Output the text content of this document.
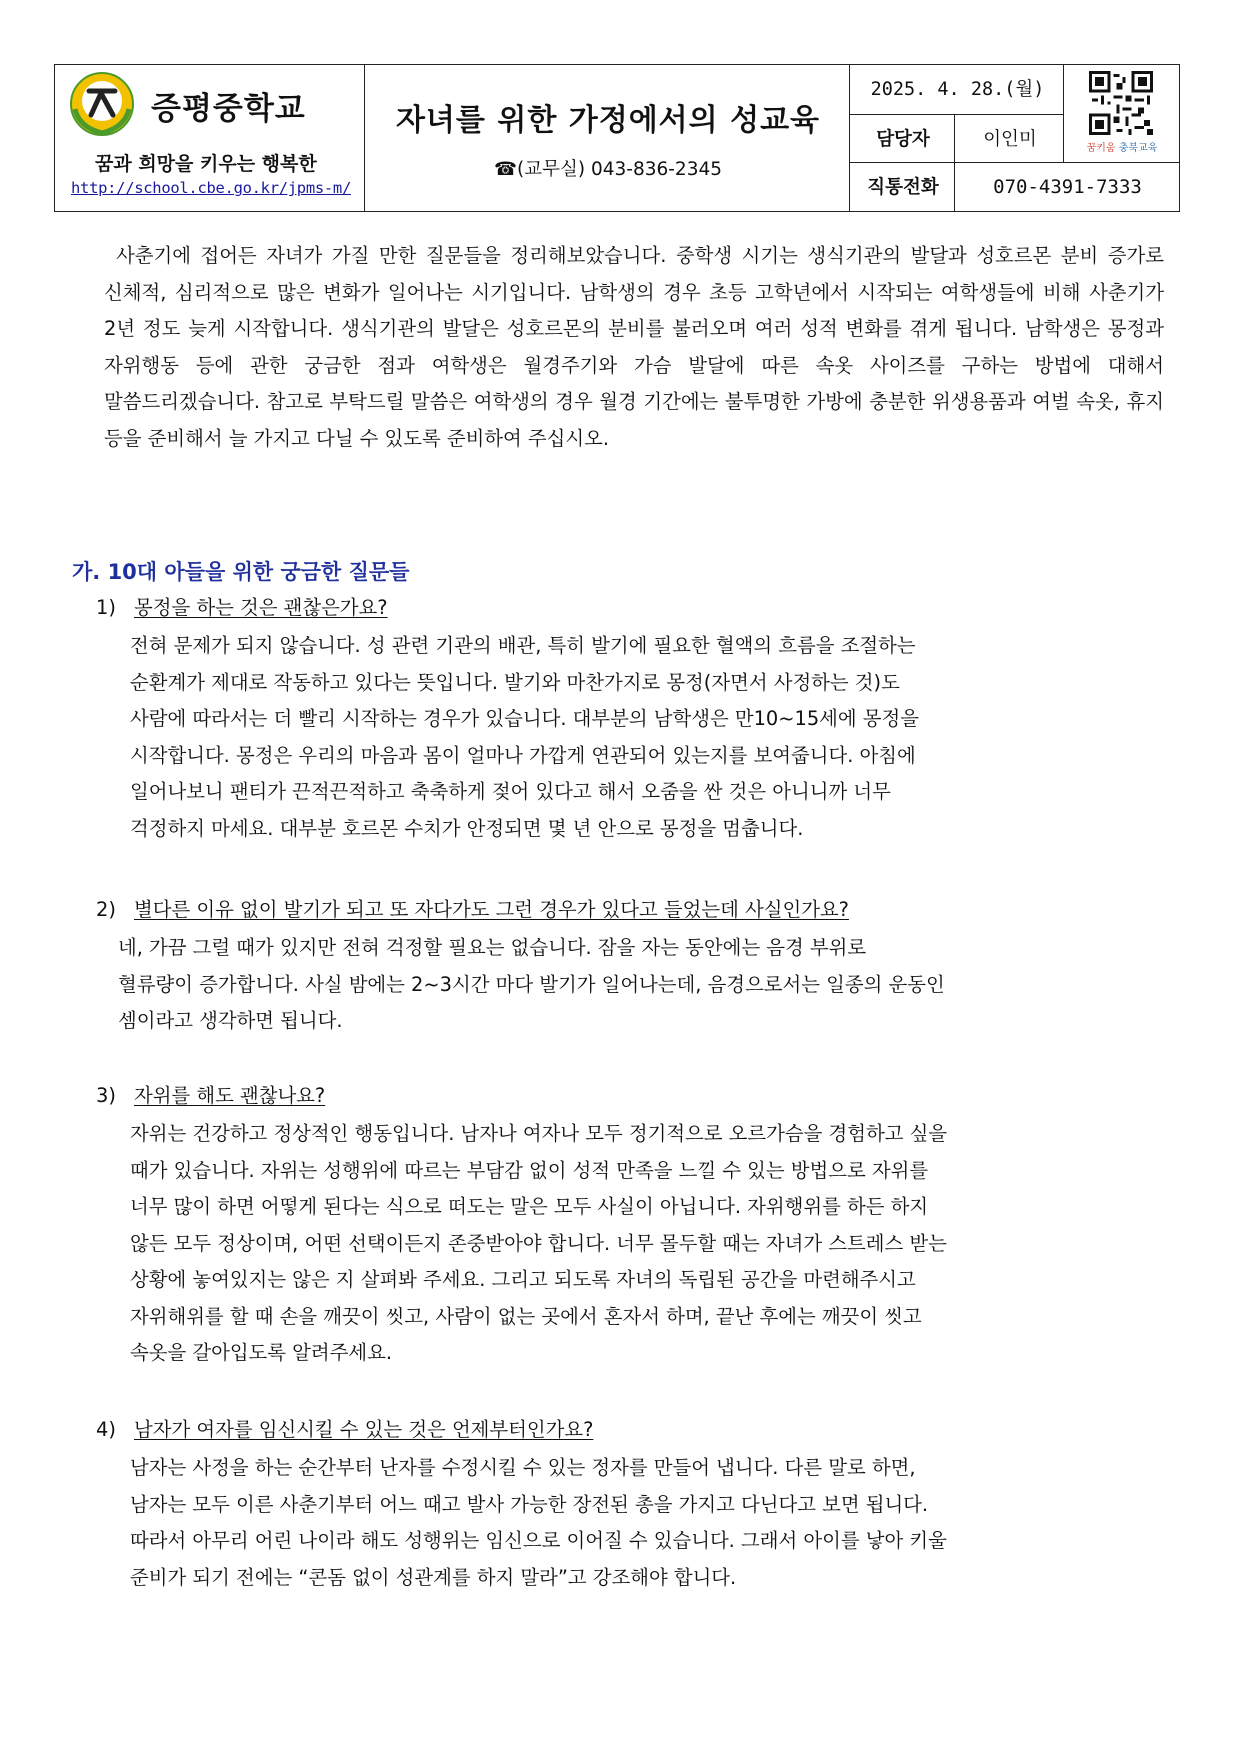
증평중학교
꿈과 희망을 키우는 행복한
http://school.cbe.go.kr/jpms-m/
자녀를 위한 가정에서의 성교육
☎(교무실) 043-836-2345
2025. 4. 28.(월)
담당자	이인미
직통전화	070-4391-7333
꿈키움 충북교육
사춘기에 접어든 자녀가 가질 만한 질문들을 정리해보았습니다. 중학생 시기는 생식기관의 발달과 성호르몬 분비 증가로 신체적, 심리적으로 많은 변화가 일어나는 시기입니다. 남학생의 경우 초등 고학년에서 시작되는 여학생들에 비해 사춘기가 2년 정도 늦게 시작합니다. 생식기관의 발달은 성호르몬의 분비를 불러오며 여러 성적 변화를 겪게 됩니다. 남학생은 몽정과 자위행동 등에 관한 궁금한 점과 여학생은 월경주기와 가슴 발달에 따른 속옷 사이즈를 구하는 방법에 대해서 말씀드리겠습니다. 참고로 부탁드릴 말씀은 여학생의 경우 월경 기간에는 불투명한 가방에 충분한 위생용품과 여벌 속옷, 휴지 등을 준비해서 늘 가지고 다닐 수 있도록 준비하여 주십시오.
가. 10대 아들을 위한 궁금한 질문들
1) 몽정을 하는 것은 괜찮은가요?
전혀 문제가 되지 않습니다. 성 관련 기관의 배관, 특히 발기에 필요한 혈액의 흐름을 조절하는
순환계가 제대로 작동하고 있다는 뜻입니다. 발기와 마찬가지로 몽정(자면서 사정하는 것)도
사람에 따라서는 더 빨리 시작하는 경우가 있습니다. 대부분의 남학생은 만10~15세에 몽정을
시작합니다. 몽정은 우리의 마음과 몸이 얼마나 가깝게 연관되어 있는지를 보여줍니다. 아침에
일어나보니 팬티가 끈적끈적하고 축축하게 젖어 있다고 해서 오줌을 싼 것은 아니니까 너무
걱정하지 마세요. 대부분 호르몬 수치가 안정되면 몇 년 안으로 몽정을 멈춥니다.
2) 별다른 이유 없이 발기가 되고 또 자다가도 그런 경우가 있다고 들었는데 사실인가요?
네, 가끔 그럴 때가 있지만 전혀 걱정할 필요는 없습니다. 잠을 자는 동안에는 음경 부위로
혈류량이 증가합니다. 사실 밤에는 2~3시간 마다 발기가 일어나는데, 음경으로서는 일종의 운동인
셈이라고 생각하면 됩니다.
3) 자위를 해도 괜찮나요?
자위는 건강하고 정상적인 행동입니다. 남자나 여자나 모두 정기적으로 오르가슴을 경험하고 싶을
때가 있습니다. 자위는 성행위에 따르는 부담감 없이 성적 만족을 느낄 수 있는 방법으로 자위를
너무 많이 하면 어떻게 된다는 식으로 떠도는 말은 모두 사실이 아닙니다. 자위행위를 하든 하지
않든 모두 정상이며, 어떤 선택이든지 존중받아야 합니다. 너무 몰두할 때는 자녀가 스트레스 받는
상황에 놓여있지는 않은 지 살펴봐 주세요. 그리고 되도록 자녀의 독립된 공간을 마련해주시고
자위해위를 할 때 손을 깨끗이 씻고, 사람이 없는 곳에서 혼자서 하며, 끝난 후에는 깨끗이 씻고
속옷을 갈아입도록 알려주세요.
4) 남자가 여자를 임신시킬 수 있는 것은 언제부터인가요?
남자는 사정을 하는 순간부터 난자를 수정시킬 수 있는 정자를 만들어 냅니다. 다른 말로 하면,
남자는 모두 이른 사춘기부터 어느 때고 발사 가능한 장전된 총을 가지고 다닌다고 보면 됩니다.
따라서 아무리 어린 나이라 해도 성행위는 임신으로 이어질 수 있습니다. 그래서 아이를 낳아 키울
준비가 되기 전에는 “콘돔 없이 성관계를 하지 말라”고 강조해야 합니다.
